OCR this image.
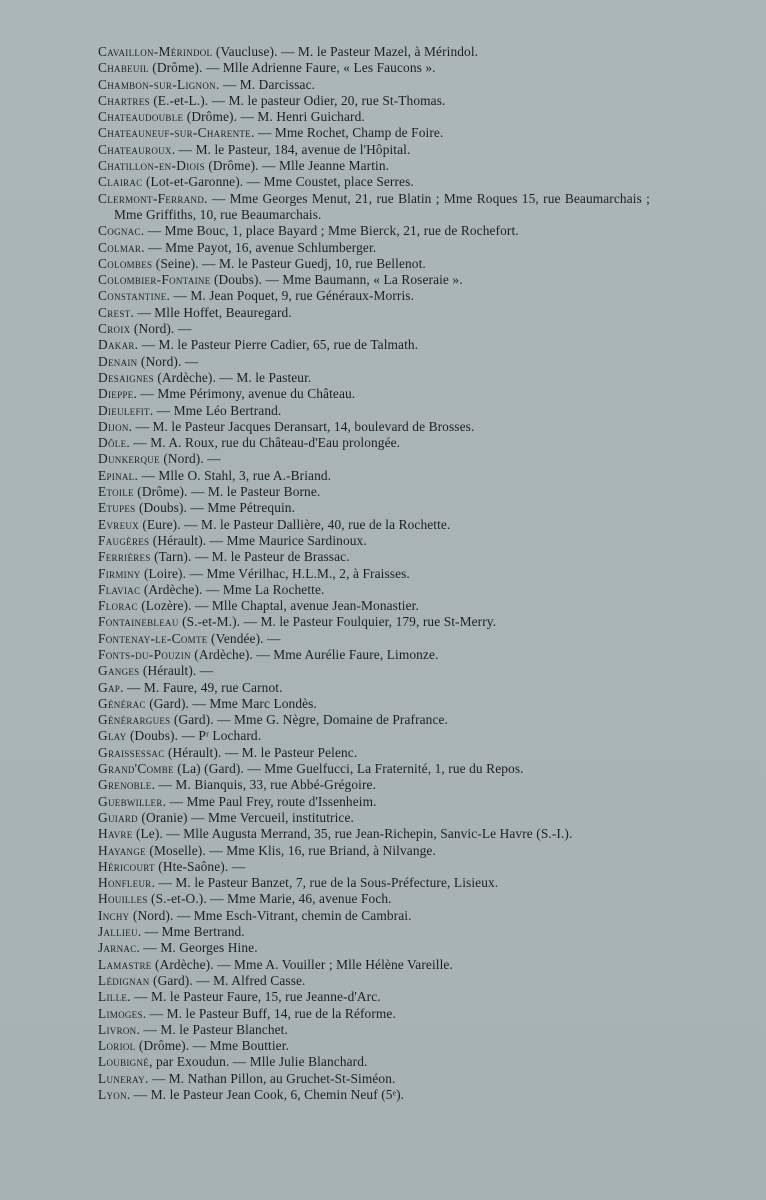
Cavaillon-Mérindol (Vaucluse). — M. le Pasteur Mazel, à Mérindol.
Chabeuil (Drôme). — Mlle Adrienne Faure, « Les Faucons ».
Chambon-sur-Lignon. — M. Darcissac.
Chartres (E.-et-L.). — M. le pasteur Odier, 20, rue St-Thomas.
Chateaudouble (Drôme). — M. Henri Guichard.
Chateauneuf-sur-Charente. — Mme Rochet, Champ de Foire.
Chateauroux. — M. le Pasteur, 184, avenue de l'Hôpital.
Chatillon-en-Diois (Drôme). — Mlle Jeanne Martin.
Clairac (Lot-et-Garonne). — Mme Coustet, place Serres.
Clermont-Ferrand. — Mme Georges Menut, 21, rue Blatin ; Mme Roques 15, rue Beaumarchais ; Mme Griffiths, 10, rue Beaumarchais.
Cognac. — Mme Bouc, 1, place Bayard ; Mme Bierck, 21, rue de Rochefort.
Colmar. — Mme Payot, 16, avenue Schlumberger.
Colombes (Seine). — M. le Pasteur Guedj, 10, rue Bellenot.
Colombier-Fontaine (Doubs). — Mme Baumann, « La Roseraie ».
Constantine. — M. Jean Poquet, 9, rue Généraux-Morris.
Crest. — Mlle Hoffet, Beauregard.
Croix (Nord). —
Dakar. — M. le Pasteur Pierre Cadier, 65, rue de Talmath.
Denain (Nord). —
Desaignes (Ardèche). — M. le Pasteur.
Dieppe. — Mme Périmony, avenue du Château.
Dieulefit. — Mme Léo Bertrand.
Dijon. — M. le Pasteur Jacques Deransart, 14, boulevard de Brosses.
Dôle. — M. A. Roux, rue du Château-d'Eau prolongée.
Dunkerque (Nord). —
Epinal. — Mlle O. Stahl, 3, rue A.-Briand.
Etoile (Drôme). — M. le Pasteur Borne.
Etupes (Doubs). — Mme Pétrequin.
Evreux (Eure). — M. le Pasteur Dallière, 40, rue de la Rochette.
Faugères (Hérault). — Mme Maurice Sardinoux.
Ferrières (Tarn). — M. le Pasteur de Brassac.
Firminy (Loire). — Mme Vérilhac, H.L.M., 2, à Fraisses.
Flaviac (Ardèche). — Mme La Rochette.
Florac (Lozère). — Mlle Chaptal, avenue Jean-Monastier.
Fontainebleau (S.-et-M.). — M. le Pasteur Foulquier, 179, rue St-Merry.
Fontenay-le-Comte (Vendée). —
Fonts-du-Pouzin (Ardèche). — Mme Aurélie Faure, Limonze.
Ganges (Hérault). —
Gap. — M. Faure, 49, rue Carnot.
Générac (Gard). — Mme Marc Londès.
Générargues (Gard). — Mme G. Nègre, Domaine de Prafrance.
Glay (Doubs). — Pʳ Lochard.
Graissessac (Hérault). — M. le Pasteur Pelenc.
Grand'Combe (La) (Gard). — Mme Guelfucci, La Fraternité, 1, rue du Repos.
Grenoble. — M. Bianquis, 33, rue Abbé-Grégoire.
Guebwiller. — Mme Paul Frey, route d'Issenheim.
Guiard (Oranie) — Mme Vercueil, institutrice.
Havre (Le). — Mlle Augusta Merrand, 35, rue Jean-Richepin, Sanvic-Le Havre (S.-I.).
Hayange (Moselle). — Mme Klis, 16, rue Briand, à Nilvange.
Héricourt (Hte-Saône). —
Honfleur. — M. le Pasteur Banzet, 7, rue de la Sous-Préfecture, Lisieux.
Houilles (S.-et-O.). — Mme Marie, 46, avenue Foch.
Inchy (Nord). — Mme Esch-Vitrant, chemin de Cambrai.
Jallieu. — Mme Bertrand.
Jarnac. — M. Georges Hine.
Lamastre (Ardèche). — Mme A. Vouiller ; Mlle Hélène Vareille.
Lédignan (Gard). — M. Alfred Casse.
Lille. — M. le Pasteur Faure, 15, rue Jeanne-d'Arc.
Limoges. — M. le Pasteur Buff, 14, rue de la Réforme.
Livron. — M. le Pasteur Blanchet.
Loriol (Drôme). — Mme Bouttier.
Loubigné, par Exoudun. — Mlle Julie Blanchard.
Luneray. — M. Nathan Pillon, au Gruchet-St-Siméon.
Lyon. — M. le Pasteur Jean Cook, 6, Chemin Neuf (5ᵉ).
